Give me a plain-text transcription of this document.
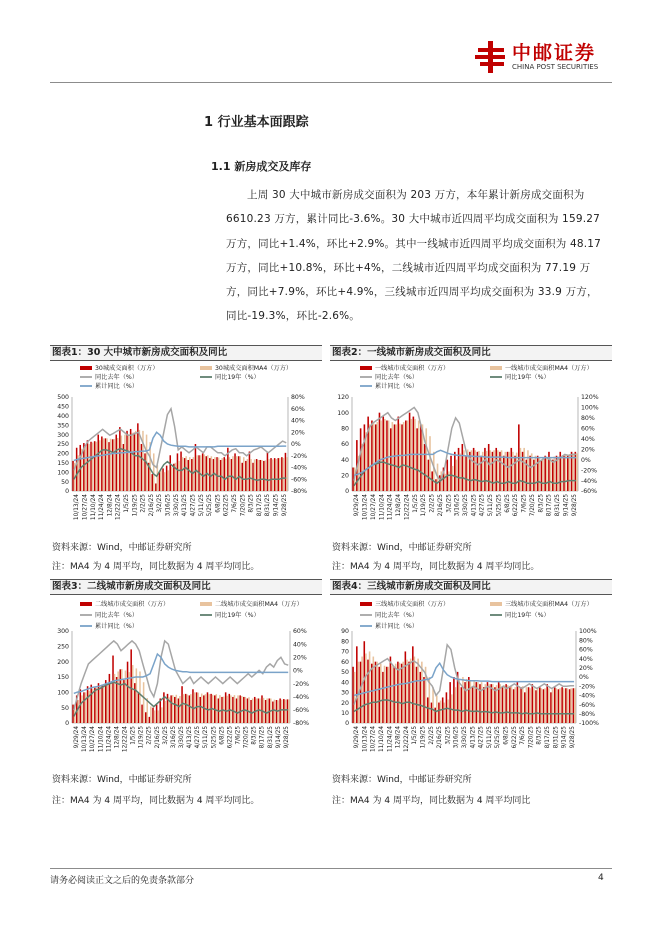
中邮证券
CHINA POST SECURITIES
1 行业基本面跟踪
1.1 新房成交及库存

上周 30 大中城市新房成交面积为 203 万方，本年累计新房成交面积为 6610.23 万方，累计同比-3.6%。30 大中城市近四周平均成交面积为 159.27 万方，同比+1.4%，环比+2.9%。其中一线城市近四周平均成交面积为 48.17 万方，同比+10.8%，环比+4%，二线城市近四周平均成交面积为 77.19 万方，同比+7.9%，环比+4.9%，三线城市近四周平均成交面积为 33.9 万方，同比-19.3%，环比-2.6%。

图表1：30 大中城市新房成交面积及同比	图表2：一线城市新房成交面积及同比
图表3：二线城市新房成交面积及同比	图表4：三线城市新房成交面积及同比
30城成交面积（万方）	30城成交面积MA4（万方）
同比去年（%）	同比19年（%）
累计同比（%）
0
50
100
150
200
250
300
350
400
450
500
-80%
-60%
-40%
-20%
0%
20%
40%
60%
80%
10/13/24 10/27/24 11/10/24 11/24/24 12/8/24 12/22/24 1/5/25 1/19/25 2/2/25 2/16/25 3/2/25 3/16/25 3/30/25 4/13/25 4/27/25 5/11/25 5/25/25 6/8/25 6/22/25 7/6/25 7/20/25 8/3/25 8/17/25 8/31/25 9/14/25 9/28/25
一线城市成交面积（万方）	一线城市成交面积MA4（万方）
同比去年（%）	同比19年（%）
累计同比（%）
0
20
40
60
80
100
120
-60%
-40%
-20%
0%
20%
40%
60%
80%
100%
120%
9/29/24 10/13/24 10/27/24 11/10/24 11/24/24 12/8/24 12/22/24 1/5/25 1/19/25 2/2/25 2/16/25 3/2/25 3/16/25 3/30/25 4/13/25 4/27/25 5/11/25 5/25/25 6/8/25 6/22/25 7/6/25 7/20/25 8/3/25 8/17/25 8/31/25 9/14/25 9/28/25
二线城市成交面积（万方）	二线城市成交面积MA4（万方）
同比去年（%）	同比19年（%）
累计同比（%）
0
50
100
150
200
250
300
-80%
-60%
-40%
-20%
0%
20%
40%
60%
9/29/24 10/13/24 10/27/24 11/10/24 11/24/24 12/8/24 12/22/24 1/5/25 1/19/25 2/2/25 2/16/25 3/2/25 3/16/25 3/30/25 4/13/25 4/27/25 5/11/25 5/25/25 6/8/25 6/22/25 7/6/25 7/20/25 8/3/25 8/17/25 8/31/25 9/14/25 9/28/25
三线城市成交面积（万方）	三线城市成交面积MA4（万方）
同比去年（%）	同比19年（%）
累计同比（%）
0
10
20
30
40
50
60
70
80
90
-100%
-80%
-60%
-40%
-20%
0%
20%
40%
60%
80%
100%
9/29/24 10/13/24 10/27/24 11/10/24 11/24/24 12/8/24 12/22/24 1/5/25 1/19/25 2/2/25 2/16/25 3/2/25 3/16/25 3/30/25 4/13/25 4/27/25 5/11/25 5/25/25 6/8/25 6/22/25 7/6/25 7/20/25 8/3/25 8/17/25 8/31/25 9/14/25 9/28/25
资料来源：Wind，中邮证券研究所
注：MA4 为 4 周平均，同比数据为 4 周平均同比。
资料来源：Wind，中邮证券研究所
注：MA4 为 4 周平均，同比数据为 4 周平均同比。
资料来源：Wind，中邮证券研究所
注：MA4 为 4 周平均，同比数据为 4 周平均同比。
资料来源：Wind，中邮证券研究所
注：MA4 为 4 周平均，同比数据为 4 周平均同比
请务必阅读正文之后的免责条款部分	4
